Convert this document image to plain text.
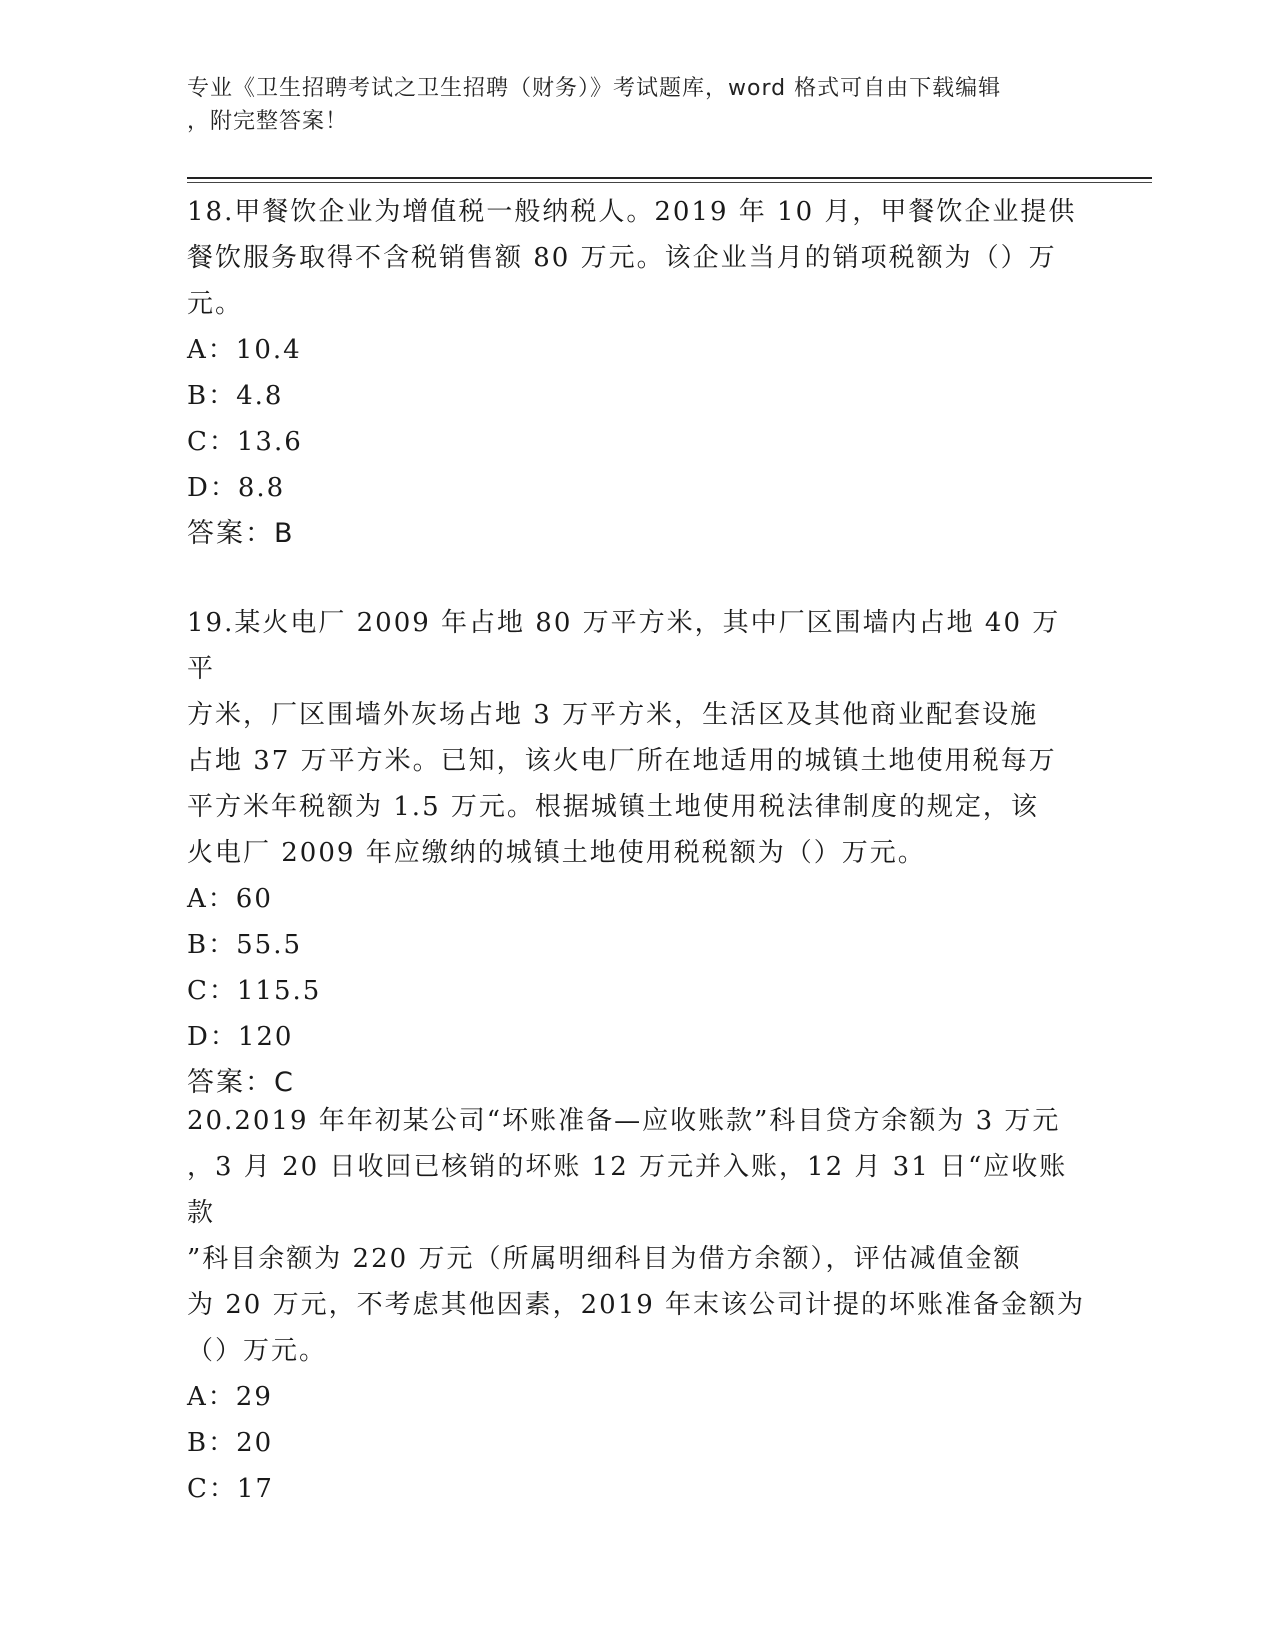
专业《卫生招聘考试之卫生招聘（财务）》考试题库，word 格式可自由下载编辑
，附完整答案！

18.甲餐饮企业为增值税一般纳税人。2019 年 10 月，甲餐饮企业提供

餐饮服务取得不含税销售额 80 万元。该企业当月的销项税额为（）万

元。

A：10.4

B：4.8

C：13.6

D：8.8

答案：B

19.某火电厂 2009 年占地 80 万平方米，其中厂区围墙内占地 40 万平

方米，厂区围墙外灰场占地 3 万平方米，生活区及其他商业配套设施

占地 37 万平方米。已知，该火电厂所在地适用的城镇土地使用税每万

平方米年税额为 1.5 万元。根据城镇土地使用税法律制度的规定，该

火电厂 2009 年应缴纳的城镇土地使用税税额为（）万元。

A：60

B：55.5

C：115.5

D：120

答案：C

20.2019 年年初某公司“坏账准备—应收账款”科目贷方余额为 3 万元

，3 月 20 日收回已核销的坏账 12 万元并入账，12 月 31 日“应收账款

”科目余额为 220 万元（所属明细科目为借方余额），评估减值金额

为 20 万元，不考虑其他因素，2019 年末该公司计提的坏账准备金额为

（）万元。

A：29

B：20

C：17
